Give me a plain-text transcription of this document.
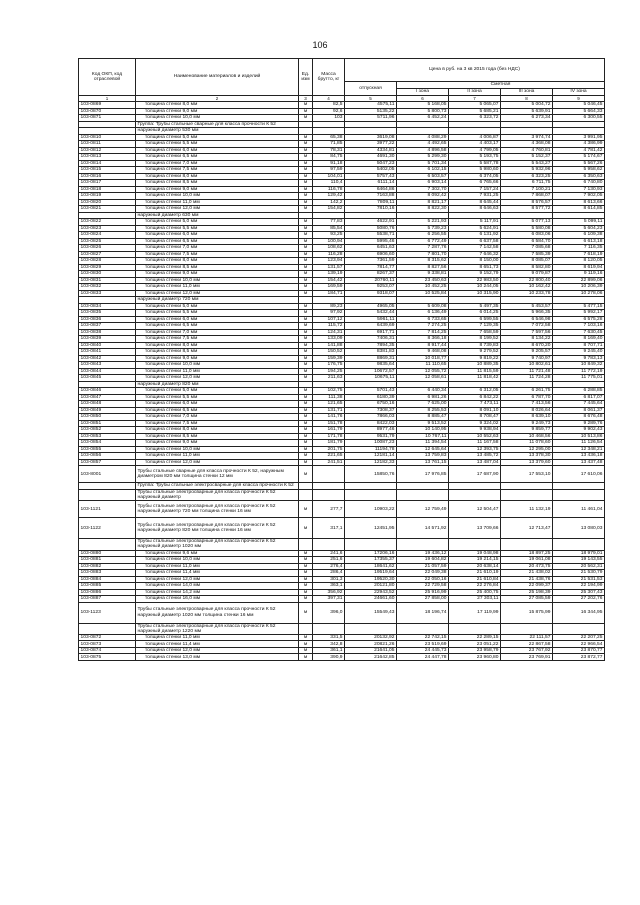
106
Код ОКП, код отраслевой	Наименование материалов и изделий	Ед. изм	Масса брутто, кг	Цена в руб. на 3 кв 2015 года (без НДС)				
				отпускная	Сметная			
					I зона	II зона	III зона	IV зона
1	2	3	4	5	6	7	8	9
103-0869	толщина стенки 8,0 мм	м	82,5	4575,11	5 168,05	5 065,07	5 004,72	5 046,45
103-0870	толщина стенки 9,0 мм	м	92,6	5135,22	5 800,73	5 685,21	5 639,91	5 664,33
103-0871	толщина стенки 10,0 мм	м	103	5711,96	6 452,24	6 323,72	6 273,34	6 300,55
	Группа: Трубы стальные сварные для класса прочности К 52							
	наружный диаметр 530 мм							
103-0810	толщина стенки 5,0 мм	м	65,38	3619,08	4 088,29	4 006,87	3 974,74	3 991,95
103-0811	толщина стенки 5,5 мм	м	71,85	3977,22	4 492,65	4 403,17	4 368,08	4 386,99
103-0812	толщина стенки 6,0 мм	м	78,31	4334,81	4 896,58	4 799,05	4 760,81	4 781,42
103-0813	толщина стенки 6,5 мм	м	84,75	4691,30	5 299,30	5 193,75	5 152,37	5 174,67
103-0814	толщина стенки 7,0 мм	м	91,18	5047,23	5 701,34	5 587,78	5 543,27	5 567,26
103-0815	толщина стенки 7,5 мм	м	97,59	5402,05	6 102,15	5 980,60	5 932,96	5 958,62
103-0816	толщина стенки 8,0 мм	м	104,01	5757,43	6 503,57	6 374,05	6 323,25	6 350,63
103-0817	толщина стенки 8,5 мм	м	110,4	6111,14	6 903,14	6 765,66	6 711,75	6 740,80
103-0818	толщина стенки 9,0 мм	м	116,78	6464,86	7 302,70	7 157,24	7 100,21	7 130,93
103-0819	толщина стенки 10,0 мм	м	129,42	7163,88	8 092,42	7 931,25	7 868,07	7 902,05
103-0820	толщина стенки 11,0 мм	м	142,2	7809,11	8 821,17	8 645,44	8 576,57	8 613,66
103-0821	толщина стенки 12,0 мм	м	154,82	7810,16	8 822,30	8 646,63	8 577,72	8 614,85
	наружный диаметр 630 мм							
103-0822	толщина стенки 5,0 мм	м	77,83	4622,91	5 221,93	5 117,91	5 077,13	5 099,11
103-0823	толщина стенки 5,5 мм	м	85,54	5080,76	5 739,23	5 624,91	5 580,08	5 604,23
103-0824	толщина стенки 6,0 мм	м	93,25	5538,71	6 256,55	6 131,92	6 083,06	6 109,38
103-0825	толщина стенки 6,5 мм	м	100,94	5995,46	6 772,49	6 637,58	6 584,70	6 613,18
103-0826	толщина стенки 7,0 мм	м	108,62	6451,63	7 287,76	7 142,58	7 085,68	7 116,35
103-0827	толщина стенки 7,5 мм	м	116,28	6906,60	7 801,70	7 646,32	7 585,39	7 618,19
103-0828	толщина стенки 8,0 мм	м	123,94	7361,59	8 315,62	8 150,00	8 085,07	8 120,05
103-0829	толщина стенки 8,5 мм	м	131,57	7814,77	8 827,56	8 651,73	8 582,80	8 619,94
103-0830	толщина стенки 9,0 мм	м	139,19	8267,37	9 338,81	9 152,79	9 079,87	9 119,16
103-0831	толщина стенки 10,0 мм	м	154,42	20760,11	23 450,63	22 983,50	22 800,40	22 899,06
103-0832	толщина стенки 11,0 мм	м	169,59	9253,07	10 452,25	10 244,05	10 162,42	10 206,39
103-0833	толщина стенки 12,0 мм	м	184,71	9318,07	10 525,84	10 315,90	10 233,78	10 278,06
	наружный диаметр 720 мм							
103-0834	толщина стенки 5,0 мм	м	89,23	4965,05	5 609,08	5 497,35	5 453,57	5 477,15
103-0835	толщина стенки 5,5 мм	м	97,92	5432,44	6 136,49	6 014,25	5 966,35	5 992,17
103-0836	толщина стенки 6,0 мм	м	107,12	5961,11	6 733,65	6 599,55	6 546,98	6 575,28
103-0837	толщина стенки 6,5 мм	м	115,72	6439,69	7 274,25	7 129,35	7 072,58	7 103,16
103-0838	толщина стенки 7,0 мм	м	124,31	6917,71	7 814,25	7 658,59	7 597,56	7 630,45
103-0839	толщина стенки 7,5 мм	м	133,09	7406,31	8 366,18	8 199,52	8 134,22	8 169,40
103-0840	толщина стенки 8,0 мм	м	141,88	7894,35	8 917,44	8 739,83	8 670,20	8 707,71
103-0841	толщина стенки 8,5 мм	м	150,52	8381,83	9 468,08	9 279,52	9 205,57	9 245,40
103-0842	толщина стенки 9,0 мм	м	159,39	8869,31	10 018,77	9 819,22	9 740,97	9 783,13
103-0843	толщина стенки 10,0 мм	м	176,75	9835,64	11 110,65	10 889,35	10 802,61	10 849,32
103-0844	толщина стенки 11,0 мм	м	194,25	10672,57	12 055,72	11 815,59	11 721,48	11 772,19
103-0845	толщина стенки 12,0 мм	м	211,63	10675,11	12 058,61	11 818,42	11 724,28	11 775,01
	наружный диаметр 820 мм							
103-0846	толщина стенки 5,0 мм	м	102,75	5701,43	6 440,34	6 312,05	6 261,75	6 288,85
103-0847	толщина стенки 5,5 мм	м	111,38	6180,39	6 981,26	6 842,22	6 787,70	6 817,07
103-0848	толщина стенки 6,0 мм	м	121,65	6750,16	7 625,00	7 473,11	7 413,56	7 445,64
103-0849	толщина стенки 6,5 мм	м	131,71	7308,37	8 255,53	8 091,10	8 026,64	8 061,37
103-0850	толщина стенки 7,0 мм	м	141,76	7866,03	8 885,47	8 708,47	8 639,10	8 676,48
103-0851	толщина стенки 7,5 мм	м	151,78	8422,03	9 513,52	9 324,02	9 249,73	9 289,76
103-0852	толщина стенки 8,0 мм	м	161,79	8977,46	10 140,95	9 938,94	9 859,77	9 902,43
103-0853	толщина стенки 8,5 мм	м	171,78	9531,79	10 767,11	10 552,63	10 468,56	10 513,86
103-0854	толщина стенки 9,0 мм	м	181,79	10087,23	11 394,54	11 167,58	11 078,60	11 126,54
103-0855	толщина стенки 10,0 мм	м	201,75	11194,78	12 645,64	12 393,75	12 295,00	12 348,21
103-0856	толщина стенки 11,0 мм	м	221,65	12181,14	13 759,83	13 485,72	13 378,30	13 436,18
103-0857	толщина стенки 12,0 мм	м	241,51	12182,33	13 761,15	13 487,04	13 379,60	13 437,48
103-8001	Трубы стальные сварные для класса прочности К 52, наружным диаметром 820 мм толщина стенки 12 мм	м		15850,76	17 976,85	17 687,90	17 553,10	17 610,06
	Группа: Трубы стальные электросварные для класса прочности К 52							
	Трубы стальные электросварные для класса прочности К 52 наружный диаметр							
103-1121	Трубы стальные электросварные для класса прочности К 52 наружный диаметр 720 мм толщина стенки 16 мм	м	277,7	10903,22	12 759,49	12 504,47	11 132,19	11 461,04
103-1122	Трубы стальные электросварные для класса прочности К 52 наружный диаметр 820 мм толщина стенки 16 мм	м	317,1	12451,95	14 571,92	13 709,66	12 713,47	13 080,03
	Трубы стальные электросварные для класса прочности К 52 наружный диаметр 1020 мм							
103-0880	толщина стенки 9,6 мм	м	241,6	17206,16	19 436,12	19 048,98	18 897,25	18 979,01
103-0881	толщина стенки 10,0 мм	м	251,6	17355,37	19 604,82	19 214,15	19 061,08	19 143,55
103-0882	толщина стенки 11,0 мм	м	276,4	18641,62	21 057,59	20 638,14	20 473,75	20 562,31
103-0883	толщина стенки 11,4 мм	м	286,4	19519,64	22 049,38	21 610,19	21 438,02	21 530,79
103-0884	толщина стенки 12,0 мм	м	301,3	19520,30	22 050,16	21 610,84	21 438,76	21 531,53
103-0885	толщина стенки 14,0 мм	м	363,1	20121,80	22 729,58	22 276,84	22 099,37	22 194,99
103-0886	толщина стенки 14,2 мм	м	356,92	22943,52	25 916,99	25 400,75	25 198,39	25 307,43
103-0887	толщина стенки 16,0 мм	м	397,31	24661,60	27 858,00	27 303,11	27 085,59	27 202,76
103-1123	Трубы стальные электросварные для класса прочности К 52 наружный диаметр 1020 мм толщина стенки 16 мм	м	396,0	15549,43	18 196,74	17 119,99	15 875,99	16 344,95
	Трубы стальные электросварные для класса прочности К 52 наружный диаметр 1220 мм							
103-0872	толщина стенки 11,0 мм	м	331,5	20132,92	22 742,15	22 289,15	22 111,57	22 207,25
103-0873	толщина стенки 11,4 мм	м	342,8	20821,26	23 519,69	23 051,22	22 867,58	22 966,54
103-0874	толщина стенки 12,0 мм	м	361,1	21641,05	24 445,73	23 958,79	23 767,92	23 870,77
103-0875	толщина стенки 13,0 мм	м	390,9	21642,85	24 447,78	23 960,80	23 769,91	23 872,77
